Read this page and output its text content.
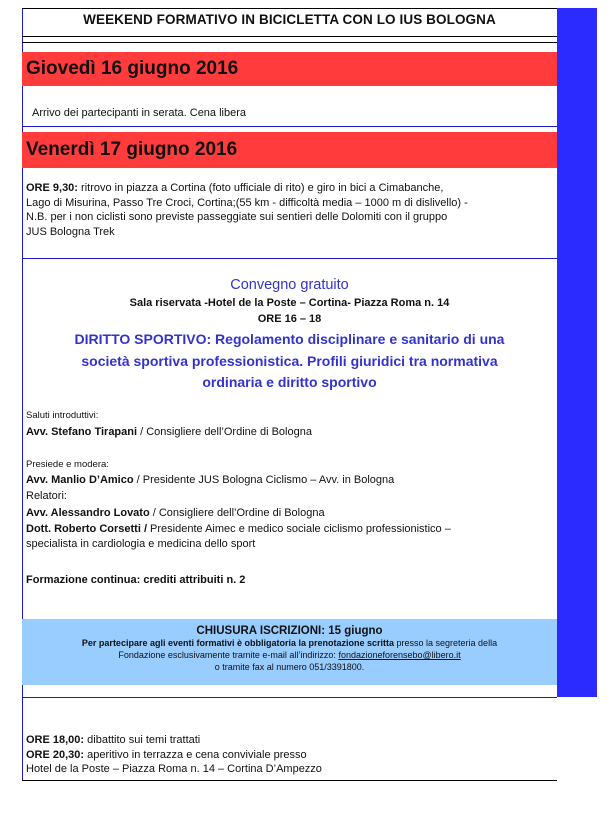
WEEKEND FORMATIVO IN BICICLETTA CON LO IUS BOLOGNA
Giovedì 16 giugno 2016
Arrivo dei partecipanti in serata. Cena libera
Venerdì 17 giugno 2016
ORE 9,30: ritrovo in piazza a Cortina (foto ufficiale di rito) e giro in bici a Cimabanche,
Lago di Misurina, Passo Tre Croci, Cortina;(55 km - difficoltà media – 1000 m di dislivello) -
N.B. per i non ciclisti sono previste passeggiate sui sentieri delle Dolomiti con il gruppo
JUS Bologna Trek
Convegno gratuito
Sala riservata -Hotel de la Poste – Cortina- Piazza Roma n. 14
ORE 16 – 18
DIRITTO SPORTIVO: Regolamento disciplinare e sanitario di una
società sportiva professionistica. Profili giuridici tra normativa
ordinaria e diritto sportivo
Saluti introduttivi:
Avv. Stefano Tirapani / Consigliere dell’Ordine di Bologna
Presiede e modera:
Avv. Manlio D’Amico / Presidente JUS Bologna Ciclismo – Avv. in Bologna
Relatori:
Avv. Alessandro Lovato / Consigliere dell’Ordine di Bologna
Dott. Roberto Corsetti / Presidente Aimec e medico sociale ciclismo professionistico –
specialista in cardiologia e medicina dello sport
Formazione continua: crediti attribuiti n. 2
CHIUSURA ISCRIZIONI: 15 giugno
Per partecipare agli eventi formativi è obbligatoria la prenotazione scritta presso la segreteria della
Fondazione esclusivamente tramite e-mail all’indirizzo: fondazioneforensebo@libero.it
o tramite fax al numero 051/3391800.
ORE 18,00: dibattito sui temi trattati
ORE 20,30: aperitivo in terrazza e cena conviviale presso
Hotel de la Poste – Piazza Roma n. 14 – Cortina D’Ampezzo
